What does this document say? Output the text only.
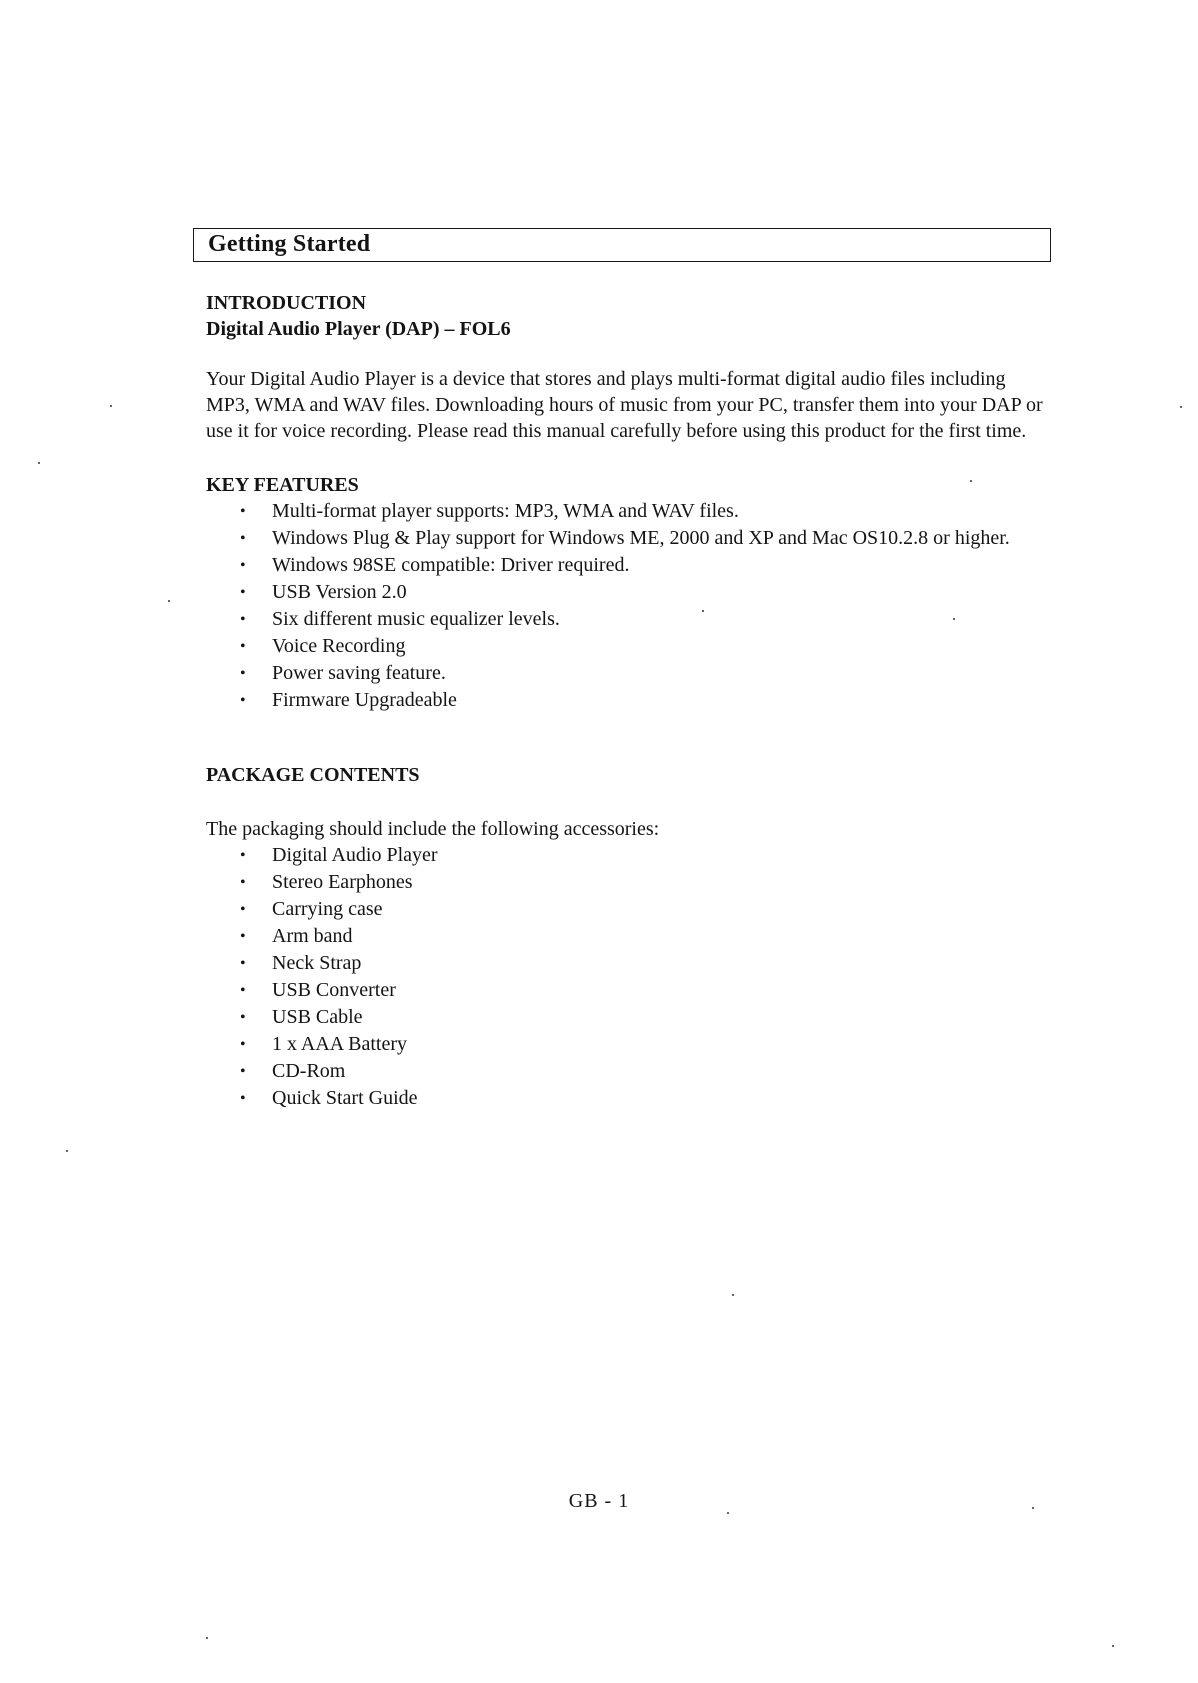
Getting Started

INTRODUCTION

Digital Audio Player (DAP) – FOL6

Your Digital Audio Player is a device that stores and plays multi-format digital audio files including MP3, WMA and WAV files. Downloading hours of music from your PC, transfer them into your DAP or use it for voice recording. Please read this manual carefully before using this product for the first time.

KEY FEATURES

• Multi-format player supports: MP3, WMA and WAV files.
• Windows Plug & Play support for Windows ME, 2000 and XP and Mac OS10.2.8 or higher.
• Windows 98SE compatible: Driver required.
• USB Version 2.0
• Six different music equalizer levels.
• Voice Recording
• Power saving feature.
• Firmware Upgradeable

PACKAGE CONTENTS

The packaging should include the following accessories:

• Digital Audio Player
• Stereo Earphones
• Carrying case
• Arm band
• Neck Strap
• USB Converter
• USB Cable
• 1 x AAA Battery
• CD-Rom
• Quick Start Guide
GB - 1
